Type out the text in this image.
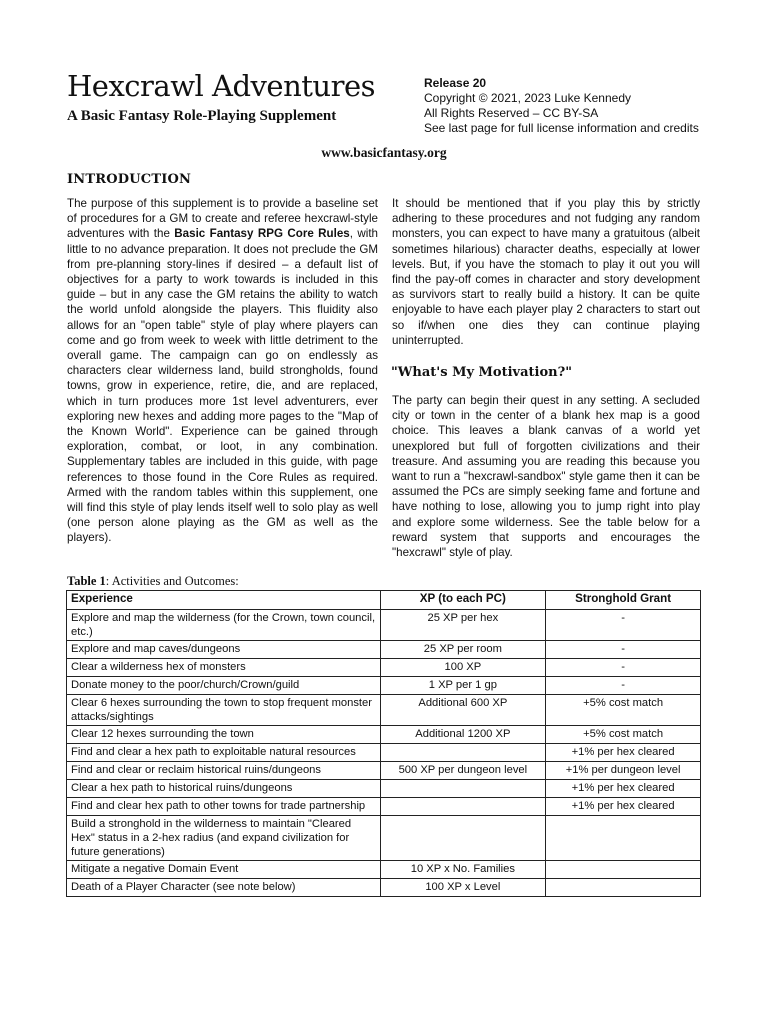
Hexcrawl Adventures
A Basic Fantasy Role-Playing Supplement
Release 20
Copyright © 2021, 2023 Luke Kennedy
All Rights Reserved – CC BY-SA
See last page for full license information and credits
www.basicfantasy.org
INTRODUCTION

The purpose of this supplement is to provide a baseline set of procedures for a GM to create and referee hexcrawl-style adventures with the Basic Fantasy RPG Core Rules, with little to no advance preparation. It does not preclude the GM from pre-planning story-lines if desired – a default list of objectives for a party to work towards is included in this guide – but in any case the GM retains the ability to watch the world unfold alongside the players. This fluidity also allows for an "open table" style of play where players can come and go from week to week with little detriment to the overall game. The campaign can go on endlessly as characters clear wilderness land, build strongholds, found towns, grow in experience, retire, die, and are replaced, which in turn produces more 1st level adventurers, ever exploring new hexes and adding more pages to the "Map of the Known World". Experience can be gained through exploration, combat, or loot, in any combination. Supplementary tables are included in this guide, with page references to those found in the Core Rules as required. Armed with the random tables within this supplement, one will find this style of play lends itself well to solo play as well (one person alone playing as the GM as well as the players).

It should be mentioned that if you play this by strictly adhering to these procedures and not fudging any random monsters, you can expect to have many a gratuitous (albeit sometimes hilarious) character deaths, especially at lower levels. But, if you have the stomach to play it out you will find the pay-off comes in character and story development as survivors start to really build a history. It can be quite enjoyable to have each player play 2 characters to start out so if/when one dies they can continue playing uninterrupted.

"What's My Motivation?"

The party can begin their quest in any setting. A secluded city or town in the center of a blank hex map is a good choice. This leaves a blank canvas of a world yet unexplored but full of forgotten civilizations and their treasure. And assuming you are reading this because you want to run a "hexcrawl-sandbox" style game then it can be assumed the PCs are simply seeking fame and fortune and have nothing to lose, allowing you to jump right into play and explore some wilderness. See the table below for a reward system that supports and encourages the "hexcrawl" style of play.

Table 1: Activities and Outcomes:
Experience	XP (to each PC)	Stronghold Grant
Explore and map the wilderness (for the Crown, town council, etc.)	25 XP per hex	-
Explore and map caves/dungeons	25 XP per room	-
Clear a wilderness hex of monsters	100 XP	-
Donate money to the poor/church/Crown/guild	1 XP per 1 gp	-
Clear 6 hexes surrounding the town to stop frequent monster attacks/sightings	Additional 600 XP	+5% cost match
Clear 12 hexes surrounding the town	Additional 1200 XP	+5% cost match
Find and clear a hex path to exploitable natural resources		+1% per hex cleared
Find and clear or reclaim historical ruins/dungeons	500 XP per dungeon level	+1% per dungeon level
Clear a hex path to historical ruins/dungeons		+1% per hex cleared
Find and clear hex path to other towns for trade partnership		+1% per hex cleared
Build a stronghold in the wilderness to maintain "Cleared Hex" status in a 2-hex radius (and expand civilization for future generations)		
Mitigate a negative Domain Event	10 XP x No. Families	
Death of a Player Character (see note below)	100 XP x Level	
